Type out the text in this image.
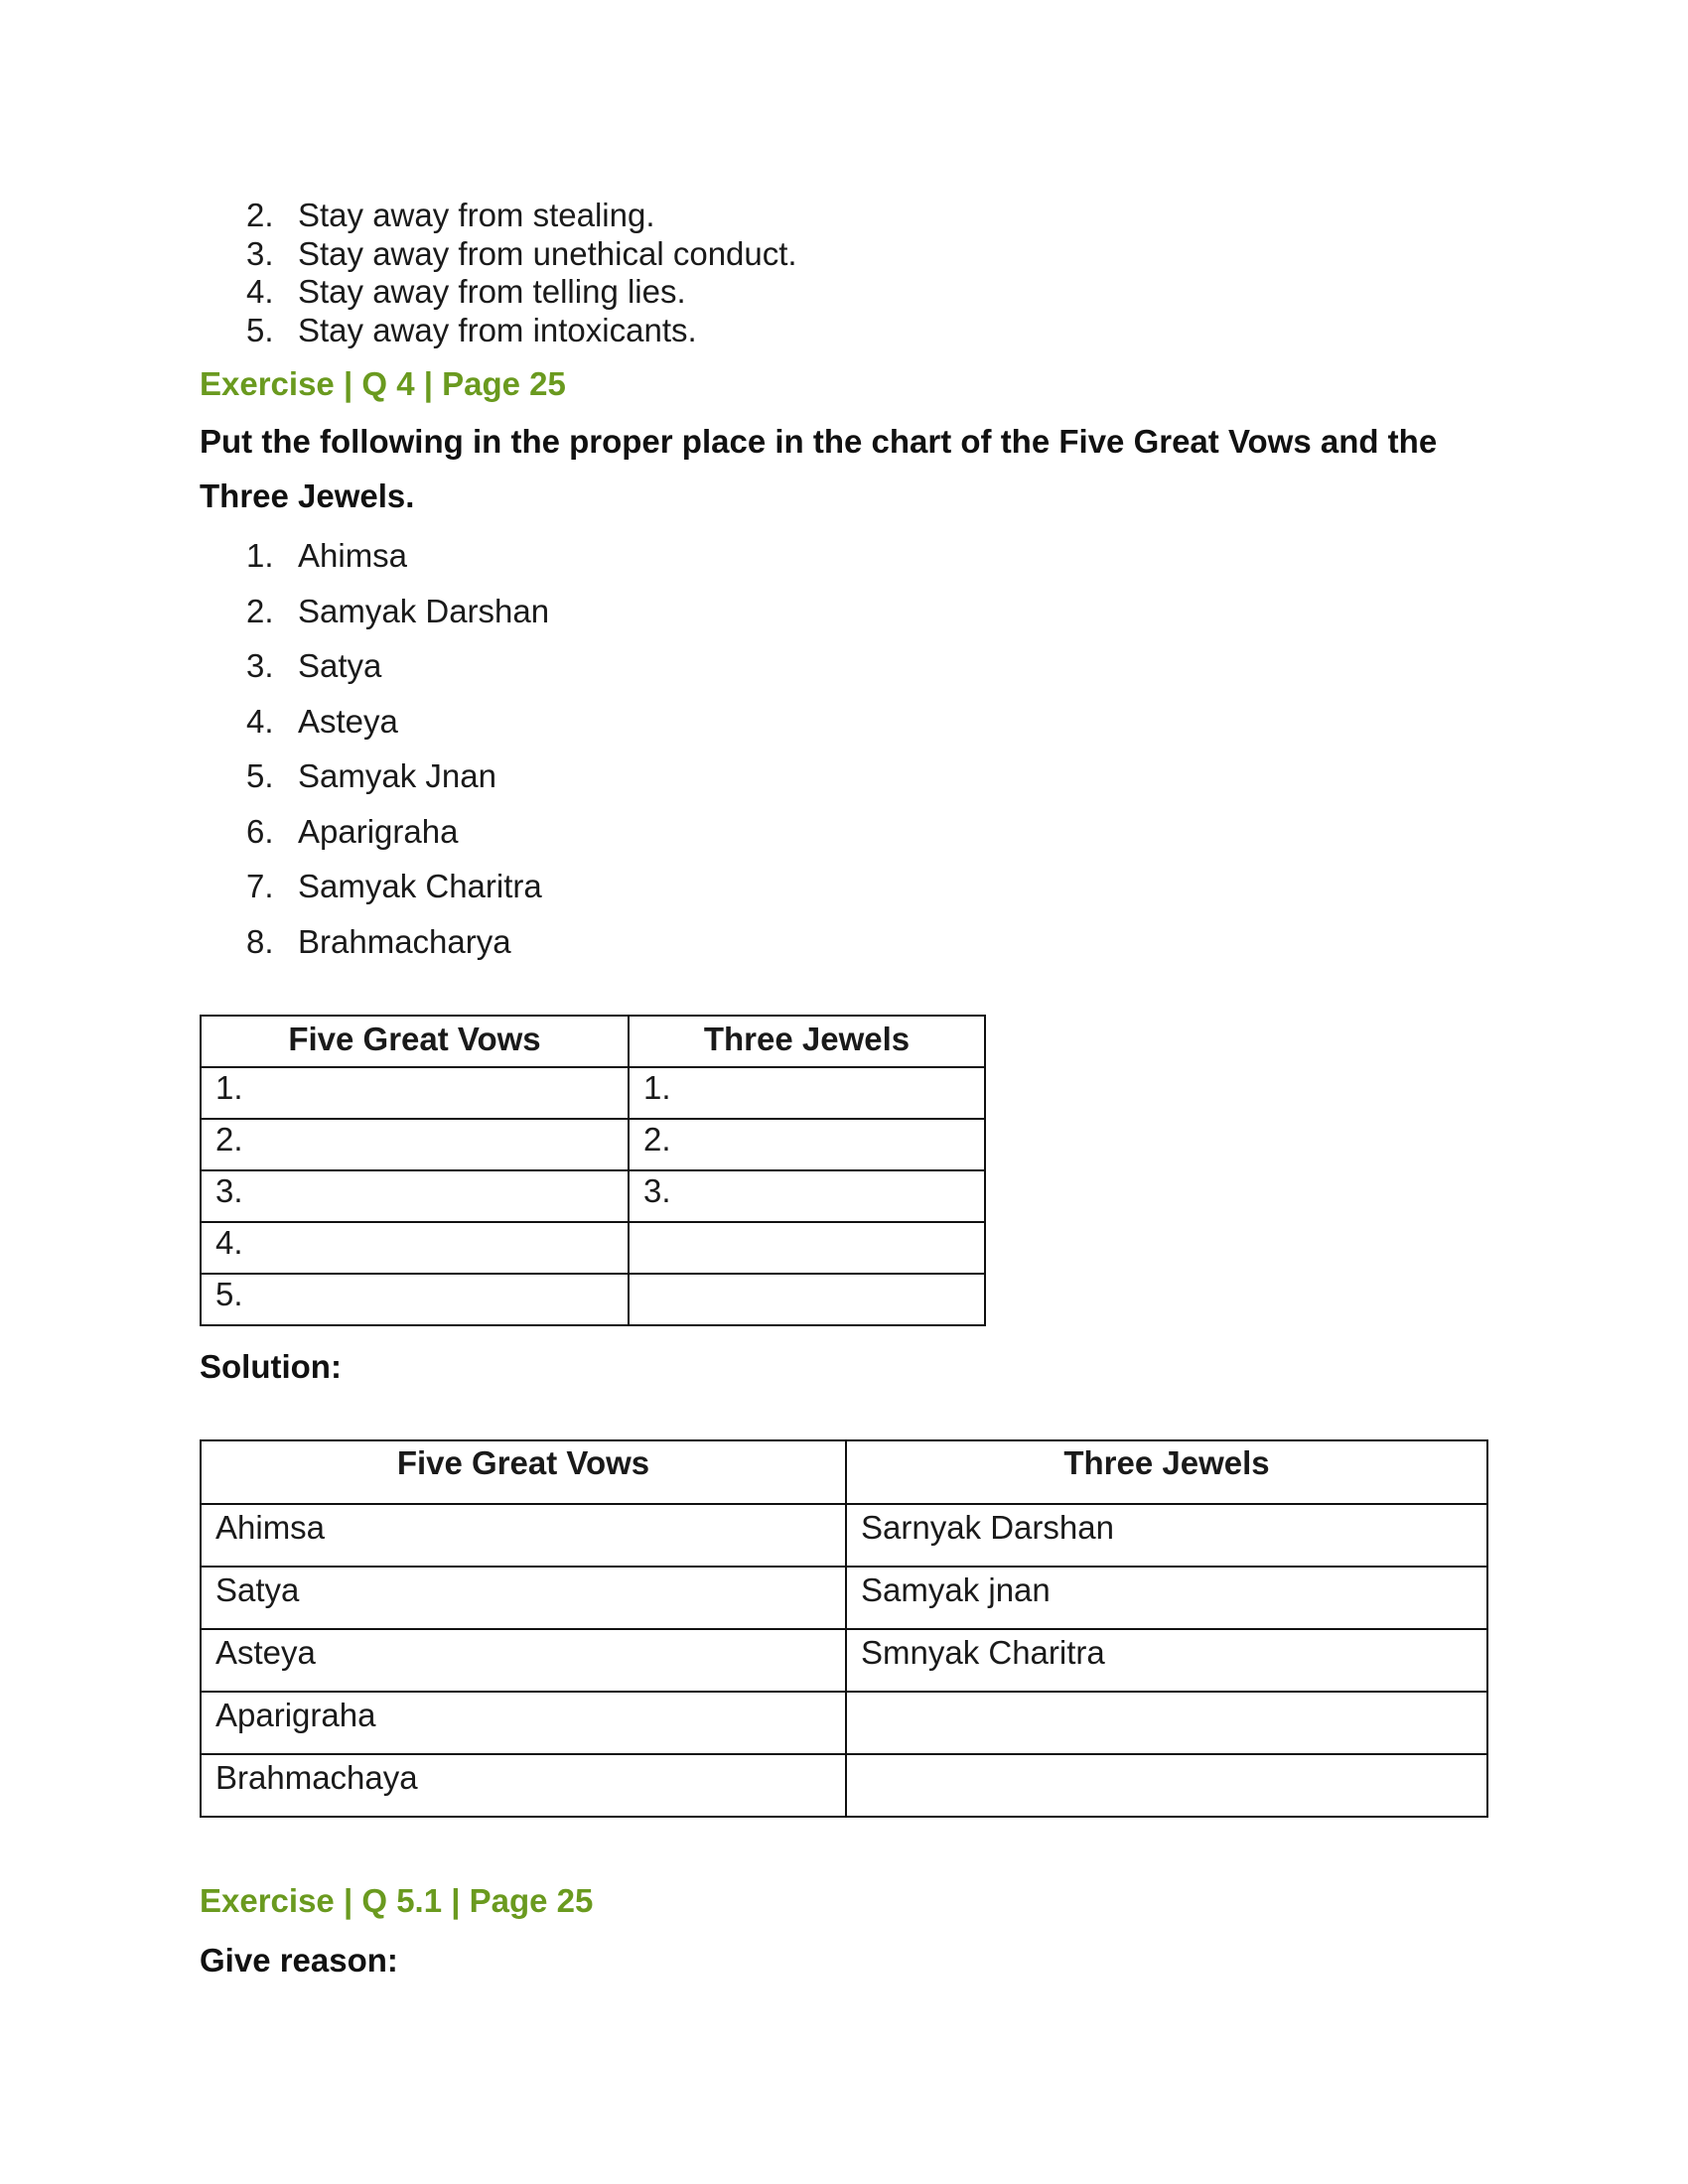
2. Stay away from stealing.
3. Stay away from unethical conduct.
4. Stay away from telling lies.
5. Stay away from intoxicants.
Exercise | Q 4 | Page 25
Put the following in the proper place in the chart of the Five Great Vows and the Three Jewels.
1. Ahimsa
2. Samyak Darshan
3. Satya
4. Asteya
5. Samyak Jnan
6. Aparigraha
7. Samyak Charitra
8. Brahmacharya
Five Great Vows	Three Jewels
1.	1.
2.	2.
3.	3.
4.	
5.	
Solution:
Five Great Vows	Three Jewels
Ahimsa	Sarnyak Darshan
Satya	Samyak jnan
Asteya	Smnyak Charitra
Aparigraha	
Brahmachaya	
Exercise | Q 5.1 | Page 25
Give reason:
